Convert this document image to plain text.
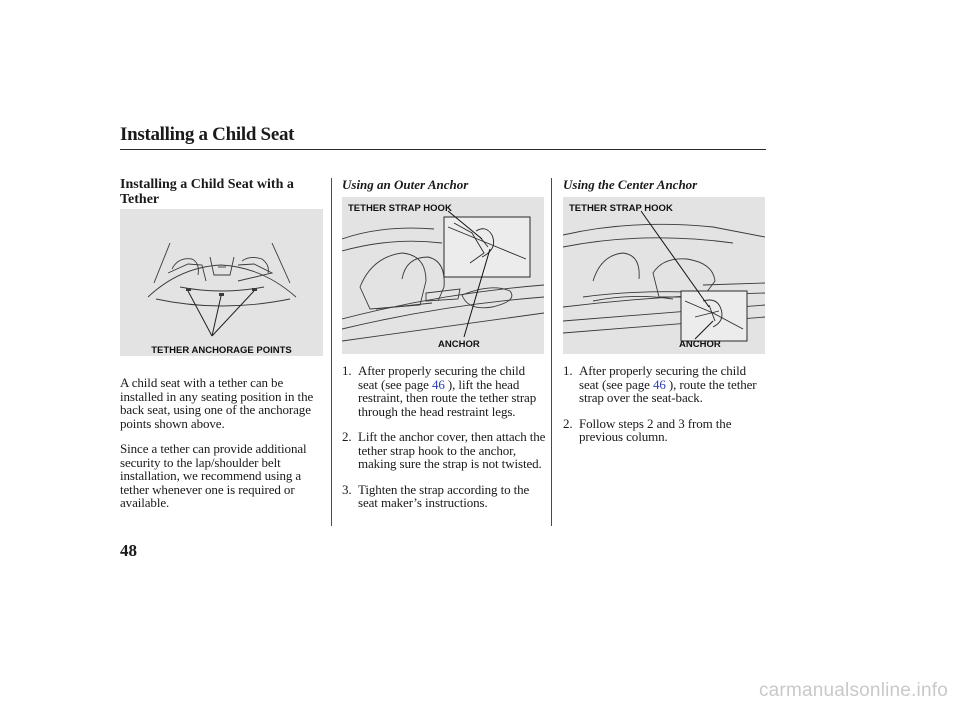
Installing a Child Seat
Installing a Child Seat with a Tether
Using an Outer Anchor	Using the Center Anchor
TETHER ANCHORAGE POINTS
TETHER STRAP HOOK
ANCHOR
TETHER STRAP HOOK
ANCHOR

A child seat with a tether can be installed in any seating position in the back seat, using one of the anchorage points shown above.

Since a tether can provide additional security to the lap/shoulder belt installation, we recommend using a tether whenever one is required or available.

1. After properly securing the child seat (see page 46 ), lift the head restraint, then route the tether strap through the head restraint legs.
2. Lift the anchor cover, then attach the tether strap hook to the anchor, making sure the strap is not twisted.
3. Tighten the strap according to the seat maker’s instructions.
1. After properly securing the child seat (see page 46 ), route the tether strap over the seat-back.
2. Follow steps 2 and 3 from the previous column.
48
carmanualsonline.info
